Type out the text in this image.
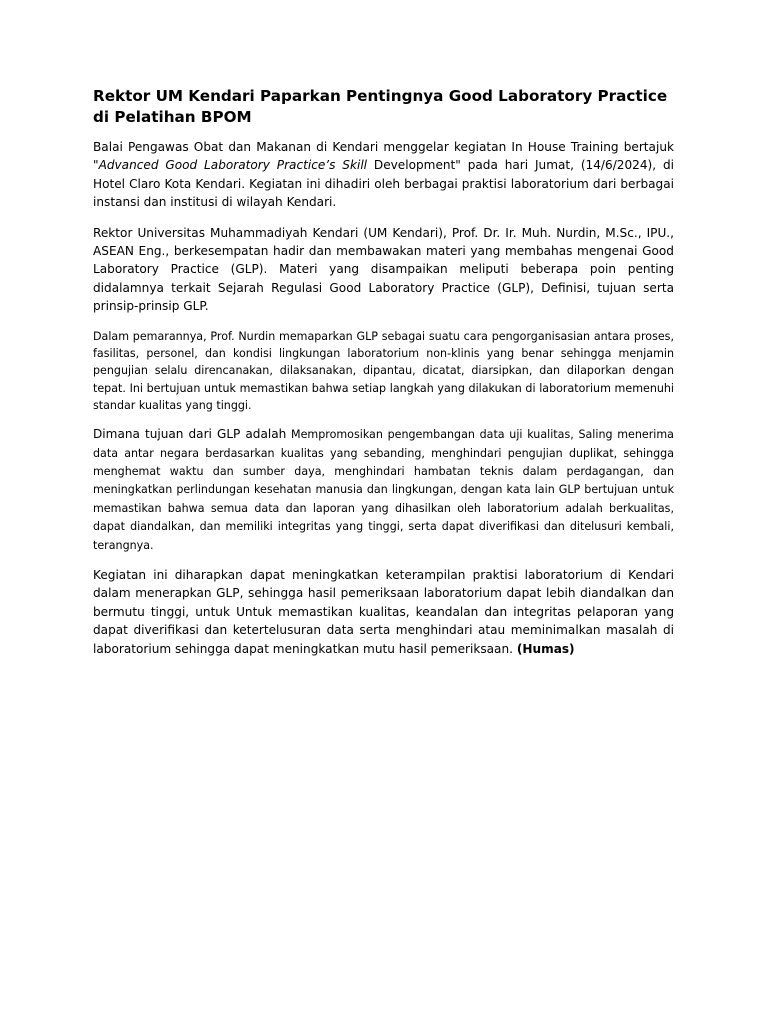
Rektor UM Kendari Paparkan Pentingnya Good Laboratory Practice di Pelatihan BPOM

Balai Pengawas Obat dan Makanan di Kendari menggelar kegiatan In House Training bertajuk "Advanced Good Laboratory Practice’s Skill Development" pada hari Jumat, (14/6/2024), di Hotel Claro Kota Kendari. Kegiatan ini dihadiri oleh berbagai praktisi laboratorium dari berbagai instansi dan institusi di wilayah Kendari.

Rektor Universitas Muhammadiyah Kendari (UM Kendari), Prof. Dr. Ir. Muh. Nurdin, M.Sc., IPU., ASEAN Eng., berkesempatan hadir dan membawakan materi yang membahas mengenai Good Laboratory Practice (GLP). Materi yang disampaikan meliputi beberapa poin penting didalamnya terkait Sejarah Regulasi Good Laboratory Practice (GLP), Definisi, tujuan serta prinsip-prinsip GLP.

Dalam pemarannya, Prof. Nurdin memaparkan GLP sebagai suatu cara pengorganisasian antara proses, fasilitas, personel, dan kondisi lingkungan laboratorium non-klinis yang benar sehingga menjamin pengujian selalu direncanakan, dilaksanakan, dipantau, dicatat, diarsipkan, dan dilaporkan dengan tepat. Ini bertujuan untuk memastikan bahwa setiap langkah yang dilakukan di laboratorium memenuhi standar kualitas yang tinggi.

Dimana tujuan dari GLP adalah Mempromosikan pengembangan data uji kualitas, Saling menerima data antar negara berdasarkan kualitas yang sebanding, menghindari pengujian duplikat, sehingga menghemat waktu dan sumber daya, menghindari hambatan teknis dalam perdagangan, dan meningkatkan perlindungan kesehatan manusia dan lingkungan, dengan kata lain GLP bertujuan untuk memastikan bahwa semua data dan laporan yang dihasilkan oleh laboratorium adalah berkualitas, dapat diandalkan, dan memiliki integritas yang tinggi, serta dapat diverifikasi dan ditelusuri kembali, terangnya.

Kegiatan ini diharapkan dapat meningkatkan keterampilan praktisi laboratorium di Kendari dalam menerapkan GLP, sehingga hasil pemeriksaan laboratorium dapat lebih diandalkan dan bermutu tinggi, untuk Untuk memastikan kualitas, keandalan dan integritas pelaporan yang dapat diverifikasi dan ketertelusuran data serta menghindari atau meminimalkan masalah di laboratorium sehingga dapat meningkatkan mutu hasil pemeriksaan. (Humas)
